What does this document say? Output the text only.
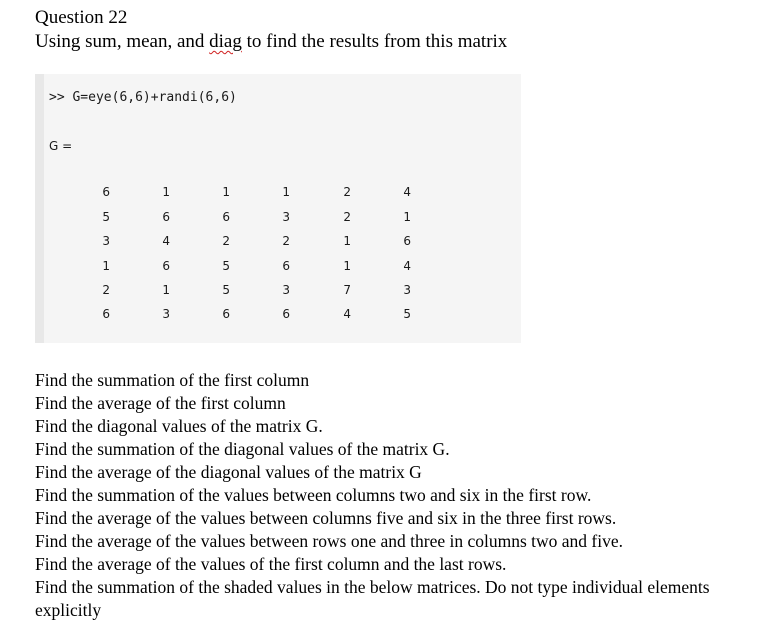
Question 22
Using sum, mean, and diag to find the results from this matrix
>> G=eye(6,6)+randi(6,6)
G =
6	1	1	1	2	4
5	6	6	3	2	1
3	4	2	2	1	6
1	6	5	6	1	4
2	1	5	3	7	3
6	3	6	6	4	5
Find the summation of the first column
Find the average of the first column
Find the diagonal values of the matrix G.
Find the summation of the diagonal values of the matrix G.
Find the average of the diagonal values of the matrix G
Find the summation of the values between columns two and six in the first row.
Find the average of the values between columns five and six in the three first rows.
Find the average of the values between rows one and three in columns two and five.
Find the average of the values of the first column and the last rows.
Find the summation of the shaded values in the below matrices. Do not type individual elements explicitly
